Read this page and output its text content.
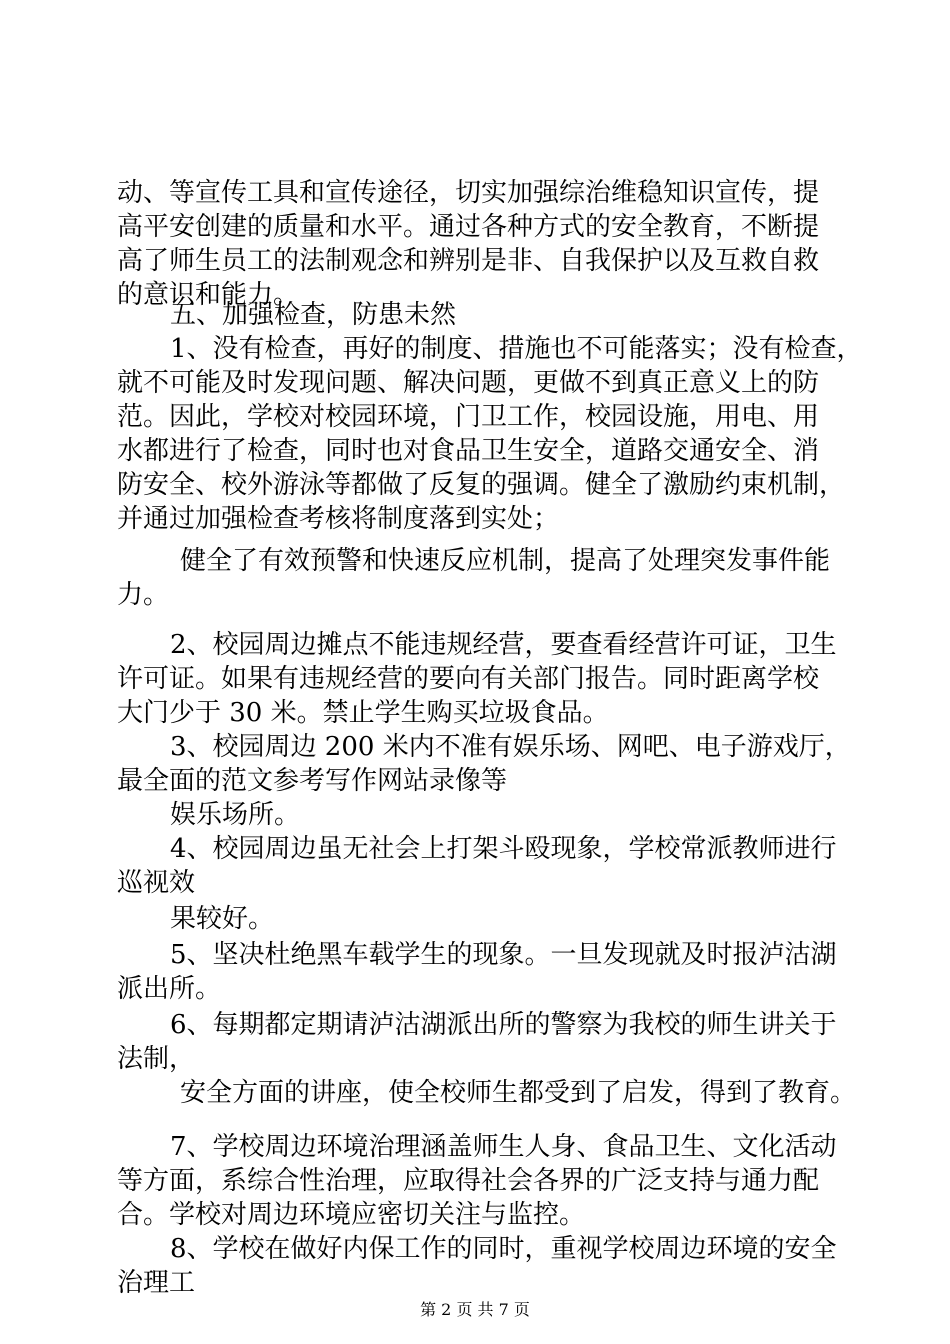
动、等宣传工具和宣传途径，切实加强综治维稳知识宣传，提
高平安创建的质量和水平。通过各种方式的安全教育，不断提
高了师生员工的法制观念和辨别是非、自我保护以及互救自救
的意识和能力。
五、加强检查，防患未然
1、没有检查，再好的制度、措施也不可能落实；没有检查，
就不可能及时发现问题、解决问题，更做不到真正意义上的防
范。因此，学校对校园环境，门卫工作，校园设施，用电、用
水都进行了检查，同时也对食品卫生安全，道路交通安全、消
防安全、校外游泳等都做了反复的强调。健全了激励约束机制，
并通过加强检查考核将制度落到实处；
健全了有效预警和快速反应机制，提高了处理突发事件能
力。
2、校园周边摊点不能违规经营，要查看经营许可证，卫生
许可证。如果有违规经营的要向有关部门报告。同时距离学校
大门少于 30 米。禁止学生购买垃圾食品。
3、校园周边 200 米内不准有娱乐场、网吧、电子游戏厅，
最全面的范文参考写作网站录像等
娱乐场所。
4、校园周边虽无社会上打架斗殴现象，学校常派教师进行
巡视效
果较好。
5、坚决杜绝黑车载学生的现象。一旦发现就及时报泸沽湖
派出所。
6、每期都定期请泸沽湖派出所的警察为我校的师生讲关于
法制，
安全方面的讲座，使全校师生都受到了启发，得到了教育。
7、学校周边环境治理涵盖师生人身、食品卫生、文化活动
等方面，系综合性治理，应取得社会各界的广泛支持与通力配
合。学校对周边环境应密切关注与监控。
8、学校在做好内保工作的同时，重视学校周边环境的安全
治理工
第 2 页 共 7 页
